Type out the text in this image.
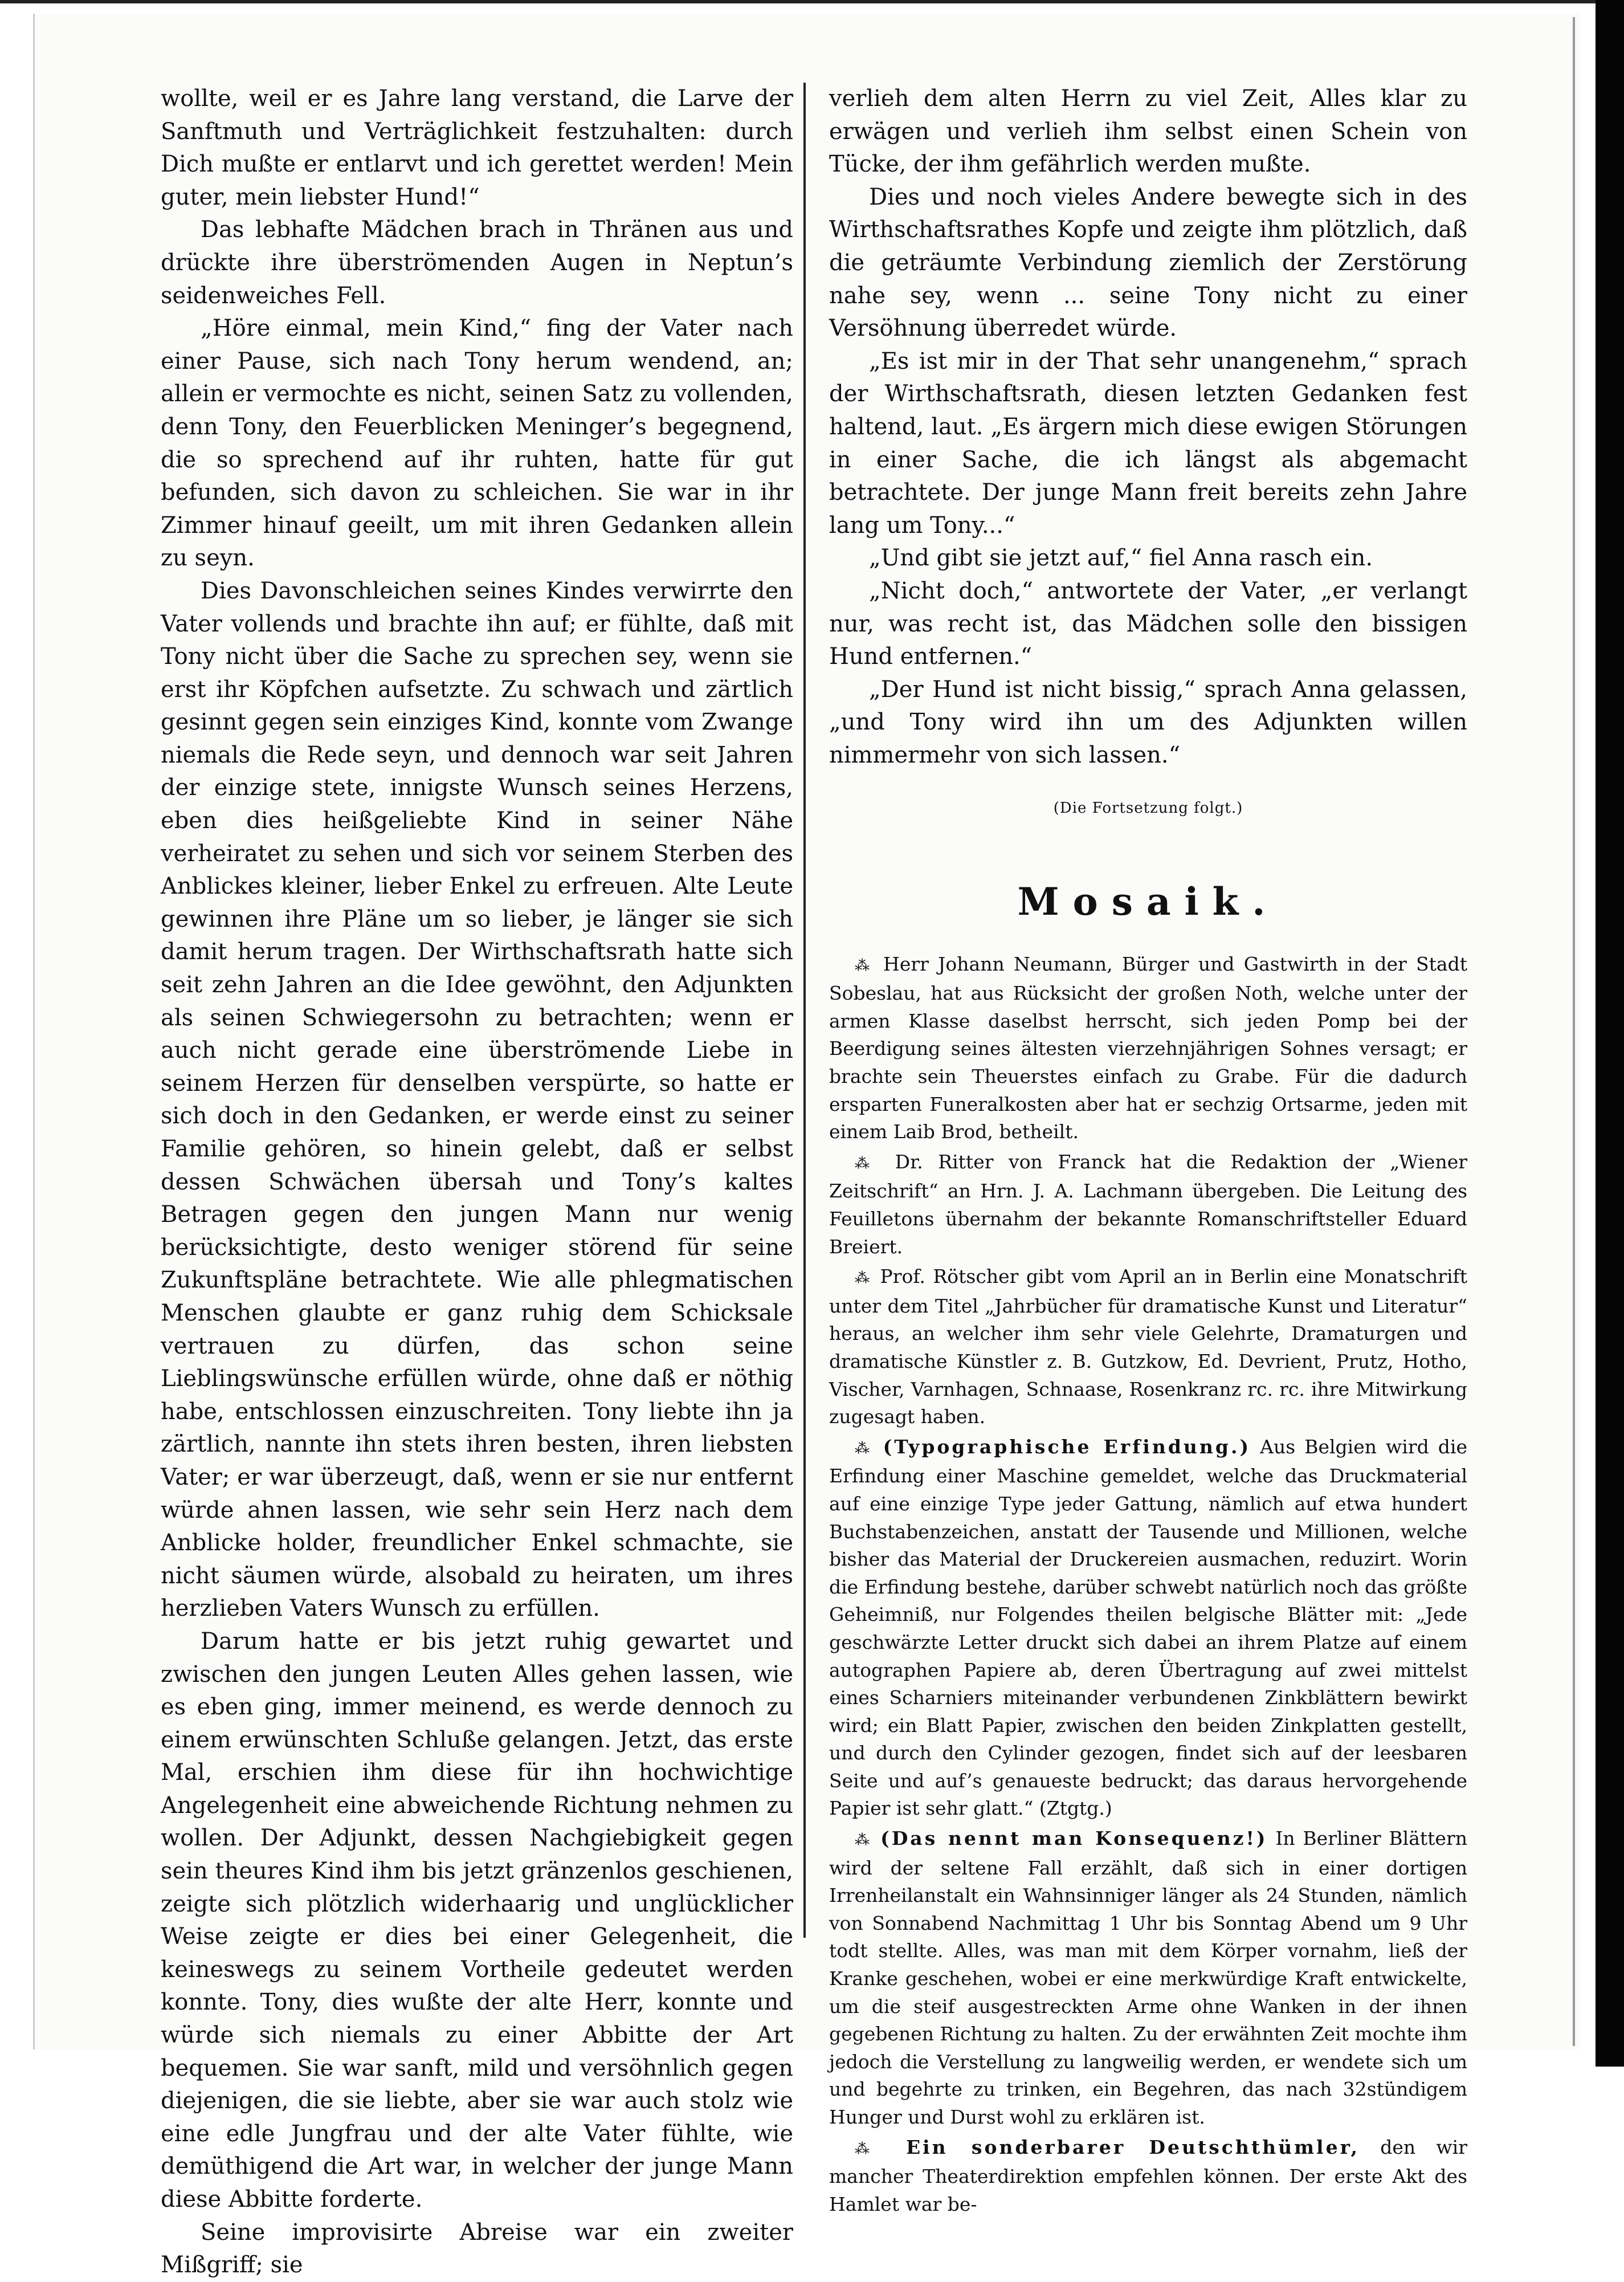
wollte, weil er es Jahre lang verstand, die Larve der Sanftmuth und Verträglichkeit festzuhalten: durch Dich mußte er entlarvt und ich gerettet werden! Mein guter, mein liebster Hund!“

Das lebhafte Mädchen brach in Thränen aus und drückte ihre überströmenden Augen in Neptun’s seidenweiches Fell.

„Höre einmal, mein Kind,“ fing der Vater nach einer Pause, sich nach Tony herum wendend, an; allein er vermochte es nicht, seinen Satz zu vollenden, denn Tony, den Feuerblicken Meninger’s begegnend, die so sprechend auf ihr ruhten, hatte für gut befunden, sich davon zu schleichen. Sie war in ihr Zimmer hinauf geeilt, um mit ihren Gedanken allein zu seyn.

Dies Davonschleichen seines Kindes verwirrte den Vater vollends und brachte ihn auf; er fühlte, daß mit Tony nicht über die Sache zu sprechen sey, wenn sie erst ihr Köpfchen aufsetzte. Zu schwach und zärtlich gesinnt gegen sein einziges Kind, konnte vom Zwange niemals die Rede seyn, und dennoch war seit Jahren der einzige stete, innigste Wunsch seines Herzens, eben dies heißgeliebte Kind in seiner Nähe verheiratet zu sehen und sich vor seinem Sterben des Anblickes kleiner, lieber Enkel zu erfreuen. Alte Leute gewinnen ihre Pläne um so lieber, je länger sie sich damit herum tragen. Der Wirthschaftsrath hatte sich seit zehn Jahren an die Idee gewöhnt, den Adjunkten als seinen Schwiegersohn zu betrachten; wenn er auch nicht gerade eine überströmende Liebe in seinem Herzen für denselben verspürte, so hatte er sich doch in den Gedanken, er werde einst zu seiner Familie gehören, so hinein gelebt, daß er selbst dessen Schwächen übersah und Tony’s kaltes Betragen gegen den jungen Mann nur wenig berücksichtigte, desto weniger störend für seine Zukunftspläne betrachtete. Wie alle phlegmatischen Menschen glaubte er ganz ruhig dem Schicksale vertrauen zu dürfen, das schon seine Lieblingswünsche erfüllen würde, ohne daß er nöthig habe, entschlossen einzuschreiten. Tony liebte ihn ja zärtlich, nannte ihn stets ihren besten, ihren liebsten Vater; er war überzeugt, daß, wenn er sie nur entfernt würde ahnen lassen, wie sehr sein Herz nach dem Anblicke holder, freundlicher Enkel schmachte, sie nicht säumen würde, alsobald zu heiraten, um ihres herzlieben Vaters Wunsch zu erfüllen.

Darum hatte er bis jetzt ruhig gewartet und zwischen den jungen Leuten Alles gehen lassen, wie es eben ging, immer meinend, es werde dennoch zu einem erwünschten Schluße gelangen. Jetzt, das erste Mal, erschien ihm diese für ihn hochwichtige Angelegenheit eine abweichende Richtung nehmen zu wollen. Der Adjunkt, dessen Nachgiebigkeit gegen sein theures Kind ihm bis jetzt gränzenlos geschienen, zeigte sich plötzlich widerhaarig und unglücklicher Weise zeigte er dies bei einer Gelegenheit, die keineswegs zu seinem Vortheile gedeutet werden konnte. Tony, dies wußte der alte Herr, konnte und würde sich niemals zu einer Abbitte der Art bequemen. Sie war sanft, mild und versöhnlich gegen diejenigen, die sie liebte, aber sie war auch stolz wie eine edle Jungfrau und der alte Vater fühlte, wie demüthigend die Art war, in welcher der junge Mann diese Abbitte forderte.

Seine improvisirte Abreise war ein zweiter Mißgriff; sie

verlieh dem alten Herrn zu viel Zeit, Alles klar zu erwägen und verlieh ihm selbst einen Schein von Tücke, der ihm gefährlich werden mußte.

Dies und noch vieles Andere bewegte sich in des Wirthschaftsrathes Kopfe und zeigte ihm plötzlich, daß die geträumte Verbindung ziemlich der Zerstörung nahe sey, wenn ... seine Tony nicht zu einer Versöhnung überredet würde.

„Es ist mir in der That sehr unangenehm,“ sprach der Wirthschaftsrath, diesen letzten Gedanken fest haltend, laut. „Es ärgern mich diese ewigen Störungen in einer Sache, die ich längst als abgemacht betrachtete. Der junge Mann freit bereits zehn Jahre lang um Tony...“

„Und gibt sie jetzt auf,“ fiel Anna rasch ein.

„Nicht doch,“ antwortete der Vater, „er verlangt nur, was recht ist, das Mädchen solle den bissigen Hund entfernen.“

„Der Hund ist nicht bissig,“ sprach Anna gelassen, „und Tony wird ihn um des Adjunkten willen nimmermehr von sich lassen.“

(Die Fortsetzung folgt.)
Mosaik.

⁂ Herr Johann Neumann, Bürger und Gastwirth in der Stadt Sobeslau, hat aus Rücksicht der großen Noth, welche unter der armen Klasse daselbst herrscht, sich jeden Pomp bei der Beerdigung seines ältesten vierzehnjährigen Sohnes versagt; er brachte sein Theuerstes einfach zu Grabe. Für die dadurch ersparten Funeralkosten aber hat er sechzig Ortsarme, jeden mit einem Laib Brod, betheilt.

⁂ Dr. Ritter von Franck hat die Redaktion der „Wiener Zeitschrift“ an Hrn. J. A. Lachmann übergeben. Die Leitung des Feuilletons übernahm der bekannte Romanschriftsteller Eduard Breiert.

⁂ Prof. Rötscher gibt vom April an in Berlin eine Monatschrift unter dem Titel „Jahrbücher für dramatische Kunst und Literatur“ heraus, an welcher ihm sehr viele Gelehrte, Dramaturgen und dramatische Künstler z. B. Gutzkow, Ed. Devrient, Prutz, Hotho, Vischer, Varnhagen, Schnaase, Rosenkranz rc. rc. ihre Mitwirkung zugesagt haben.

⁂ (Typographische Erfindung.) Aus Belgien wird die Erfindung einer Maschine gemeldet, welche das Druckmaterial auf eine einzige Type jeder Gattung, nämlich auf etwa hundert Buchstabenzeichen, anstatt der Tausende und Millionen, welche bisher das Material der Druckereien ausmachen, reduzirt. Worin die Erfindung bestehe, darüber schwebt natürlich noch das größte Geheimniß, nur Folgendes theilen belgische Blätter mit: „Jede geschwärzte Letter druckt sich dabei an ihrem Platze auf einem autographen Papiere ab, deren Übertragung auf zwei mittelst eines Scharniers miteinander verbundenen Zinkblättern bewirkt wird; ein Blatt Papier, zwischen den beiden Zinkplatten gestellt, und durch den Cylinder gezogen, findet sich auf der leesbaren Seite und auf’s genaueste bedruckt; das daraus hervorgehende Papier ist sehr glatt.“ (Ztgtg.)

⁂ (Das nennt man Konsequenz!) In Berliner Blättern wird der seltene Fall erzählt, daß sich in einer dortigen Irrenheilanstalt ein Wahnsinniger länger als 24 Stunden, nämlich von Sonnabend Nachmittag 1 Uhr bis Sonntag Abend um 9 Uhr todt stellte. Alles, was man mit dem Körper vornahm, ließ der Kranke geschehen, wobei er eine merkwürdige Kraft entwickelte, um die steif ausgestreckten Arme ohne Wanken in der ihnen gegebenen Richtung zu halten. Zu der erwähnten Zeit mochte ihm jedoch die Verstellung zu langweilig werden, er wendete sich um und begehrte zu trinken, ein Begehren, das nach 32stündigem Hunger und Durst wohl zu erklären ist.

⁂ Ein sonderbarer Deutschthümler, den wir mancher Theaterdirektion empfehlen können. Der erste Akt des Hamlet war be-
